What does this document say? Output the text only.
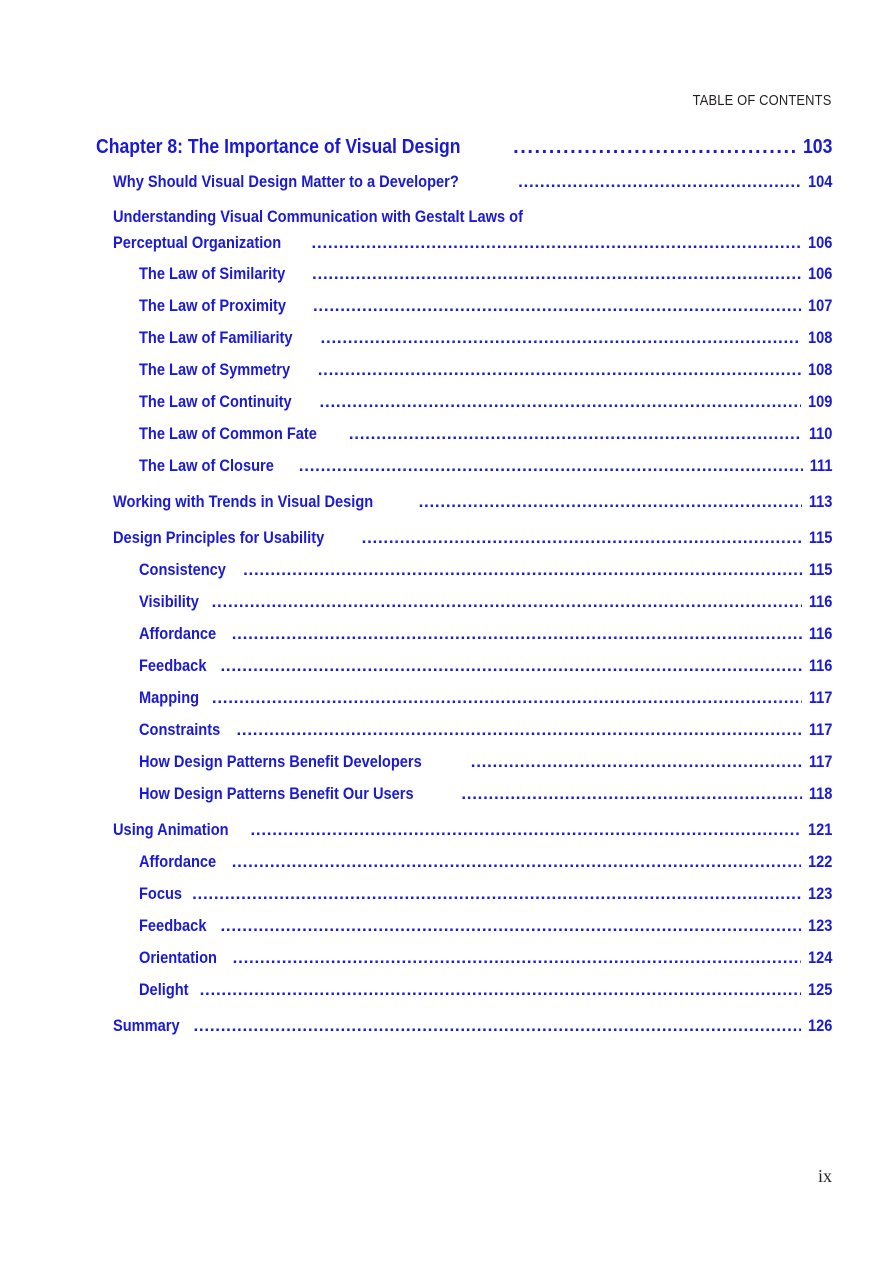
TABLE OF CONTENTS
Chapter 8: The Importance of Visual Design . . .	103
Why Should Visual Design Matter to a Developer? . . .	104
Understanding Visual Communication with Gestalt Laws of
Perceptual Organization . . .	106
The Law of Similarity . . .	106
The Law of Proximity . . .	107
The Law of Familiarity . . .	108
The Law of Symmetry . . .	108
The Law of Continuity . . .	109
The Law of Common Fate . . .	110
The Law of Closure . . .	111
Working with Trends in Visual Design . . .	113
Design Principles for Usability . . .	115
Consistency . . .	115
Visibility . . .	116
Affordance . . .	116
Feedback . . .	116
Mapping . . .	117
Constraints . . .	117
How Design Patterns Benefit Developers . . .	117
How Design Patterns Benefit Our Users . . .	118
Using Animation . . .	121
Affordance . . .	122
Focus . . .	123
Feedback . . .	123
Orientation . . .	124
Delight . . .	125
Summary . . .	126
ix
